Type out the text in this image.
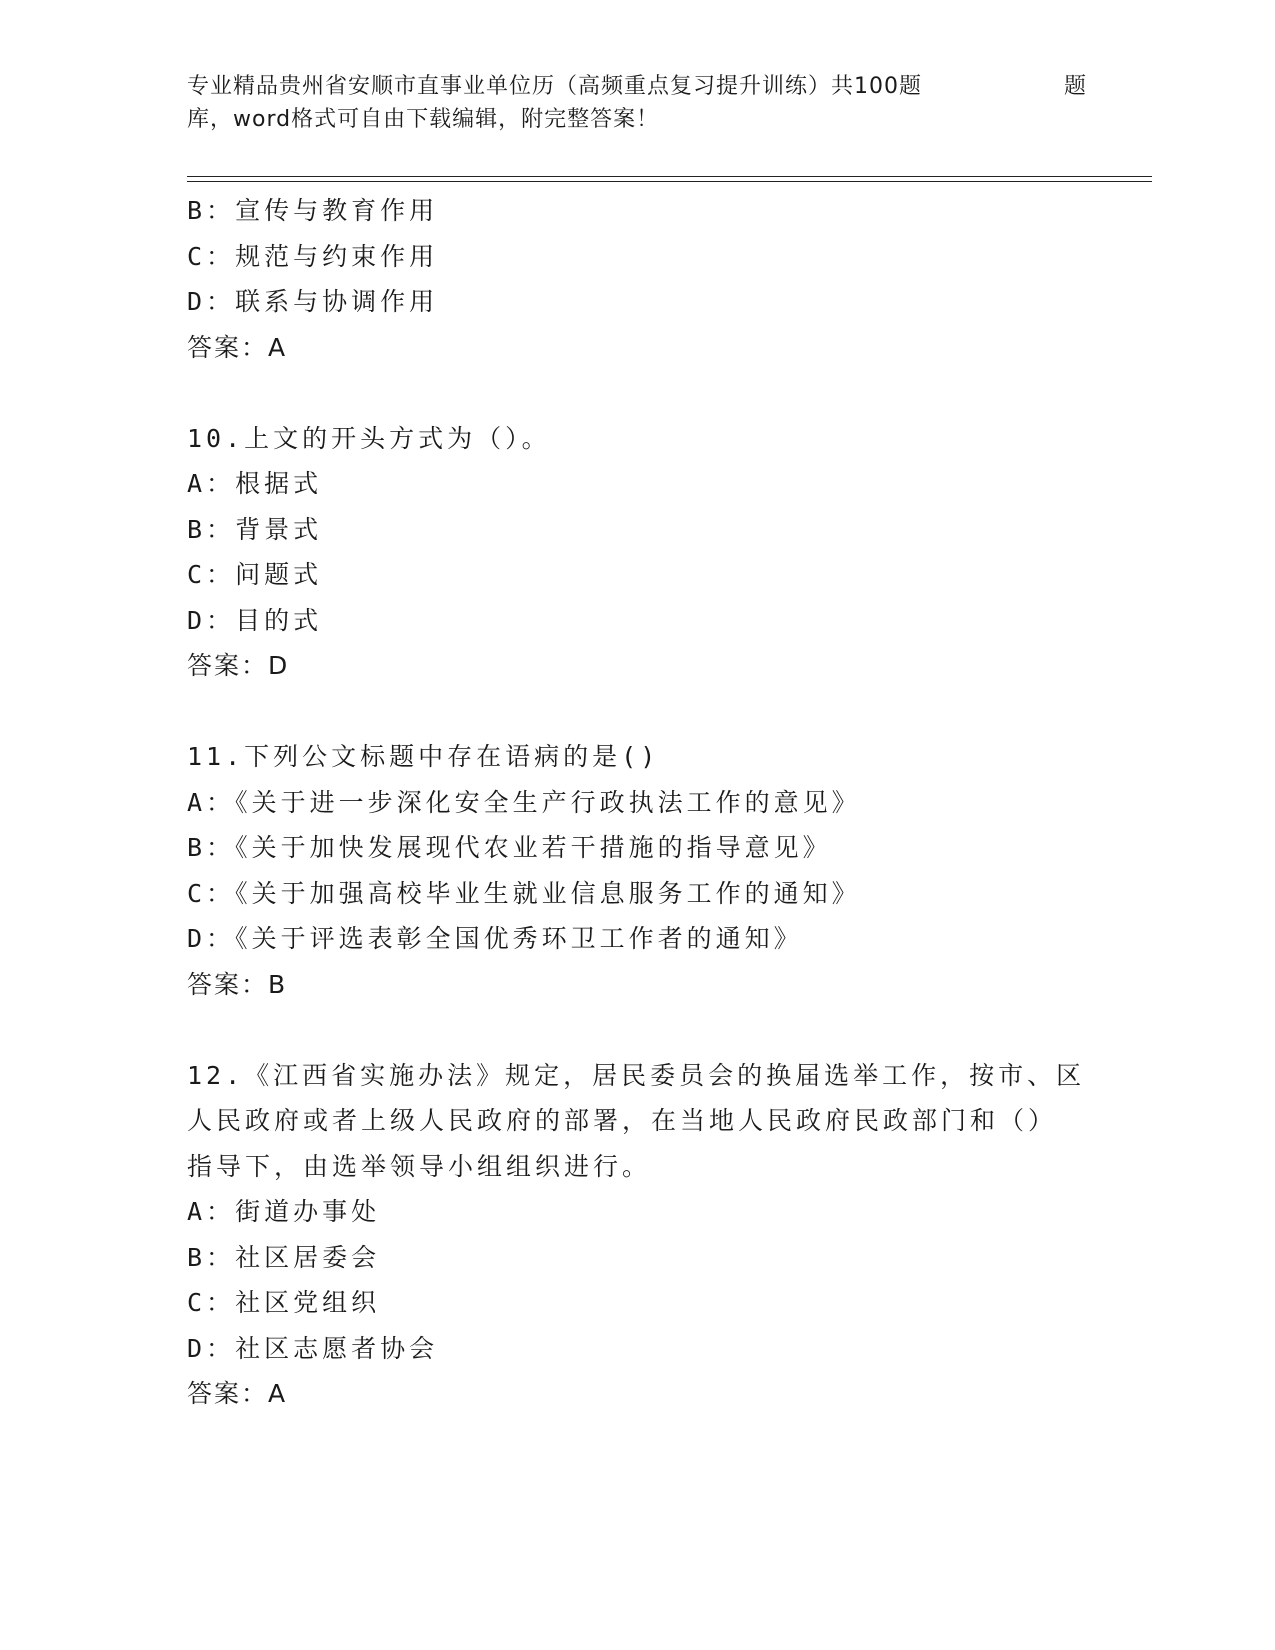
专业精品贵州省安顺市直事业单位历（高频重点复习提升训练）共100题	题
库，word格式可自由下载编辑，附完整答案！
B：宣传与教育作用
C：规范与约束作用
D：联系与协调作用
答案：A
10.上文的开头方式为（）。
A：根据式
B：背景式
C：问题式
D：目的式
答案：D
11.下列公文标题中存在语病的是()
A：《关于进一步深化安全生产行政执法工作的意见》
B：《关于加快发展现代农业若干措施的指导意见》
C：《关于加强高校毕业生就业信息服务工作的通知》
D：《关于评选表彰全国优秀环卫工作者的通知》
答案：B
12.《江西省实施办法》规定，居民委员会的换届选举工作，按市、区
人民政府或者上级人民政府的部署，在当地人民政府民政部门和（）
指导下，由选举领导小组组织进行。
A：街道办事处
B：社区居委会
C：社区党组织
D：社区志愿者协会
答案：A
